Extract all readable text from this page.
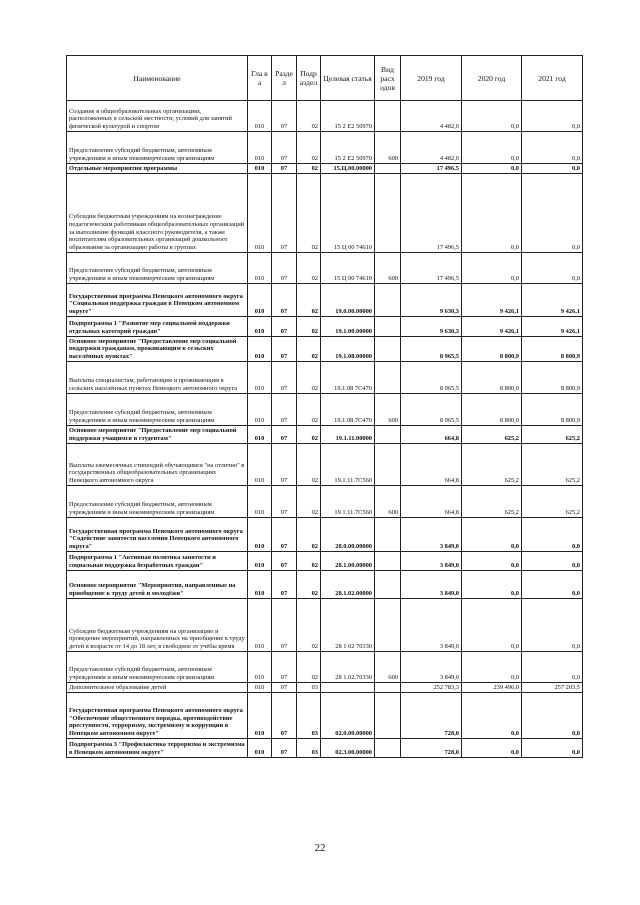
Наименование	Гла в а	Разде л	Подр аздел	Целевая статья	Вид расх одов	2019 год	2020 год	2021 год
Создание в общеобразовательных организациях, расположенных в сельской местности, условий для занятий физической культурой и спортом	010	07	02	15 2 E2 50970		4 482,0	0,0	0,0
Предоставление субсидий бюджетным, автономным учреждениям и иным некоммерческим организациям	010	07	02	15 2 E2 50970	600	4 482,0	0,0	0,0
Отдельные мероприятия программы	010	07	02	15.Ц.00.00000		17 496,5	0,0	0,0
Субсидии бюджетным учреждениям на вознаграждение педагогическим работникам общеобразовательных организаций за выполнение функций классного руководителя, а также воспитателям образовательных организаций дошкольного образования за организацию работы в группах	010	07	02	15 Ц 00 74610		17 496,5	0,0	0,0
Предоставление субсидий бюджетным, автономным учреждениям и иным некоммерческим организациям	010	07	02	15 Ц 00 74610	600	17 496,5	0,0	0,0
Государственная программа Ненецкого автономного округа "Социальная поддержка граждан в Ненецком автономном округе"	010	07	02	19.0.00.00000		9 630,3	9 426,1	9 426,1
Подпрограмма 1 "Развитие мер социальной поддержки отдельных категорий граждан"	010	07	02	19.1.00.00000		9 630,3	9 426,1	9 426,1
Основное мероприятие "Предоставление мер социальной поддержки гражданам, проживающим в сельских населённых пунктах"	010	07	02	19.1.08.00000		8 965,5	8 800,9	8 800,9
Выплаты специалистам, работающим и проживающим в сельских населённых пунктах Ненецкого автономного округа	010	07	02	19.1.08 7С470		8 965,5	8 800,9	8 800,9
Предоставление субсидий бюджетным, автономным учреждениям и иным некоммерческим организациям	010	07	02	19.1.08.7С470	600	8 965,5	8 800,9	8 800,9
Основное мероприятие "Предоставление мер социальной поддержки учащимся и студентам"	010	07	02	19.1.11.00000		664,8	625,2	625,2
Выплаты ежемесячных стипендий обучающимся "на отлично" в государственных общеобразовательных организациях Ненецкого автономного округа	010	07	02	19.1.11.7С560		664,8	625,2	625,2
Предоставление субсидий бюджетным, автономным учреждениям и иным некоммерческим организациям	010	07	02	19 1.11.7С560	600	664,8	625,2	625,2
Государственная программа Ненецкого автономного округа "Содействие занятости населения Ненецкого автономного округа"	010	07	02	28.0.00.00000		3 849,0	0,0	0,0
Подпрограмма 1 "Активная политика занятости и социальная поддержка безработных граждан"	010	07	02	28.1.00.00000		3 849,0	0,0	0,0
Основное мероприятие "Мероприятия, направленные на приобщение к труду детей и молодёжи"	010	07	02	28.1.02.00000		3 849,0	0,0	0,0
Субсидии бюджетным учреждениям на организацию и проведение мероприятий, направленных на приобщение к труду детей в возрасте от 14 до 18 лет, в свободное от учёбы время	010	07	02	28 1 02 70330		3 849,0	0,0	0,0
Предоставление субсидий бюджетным, автономным учреждениям и иным некоммерческим организациям	010	07	02	28 1.02.70330	600	3 849,0	0,0	0,0
Дополнительное образование детей	010	07	03			252 783,3	239 496,0	257 203,5
Государственная программа Ненецкого автономного округа "Обеспечение общественного порядка, противодействие преступности, терроризму, экстремизму и коррупции в Ненецком автономном округе"	010	07	03	02.0.00.00000		728,0	0,0	0,0
Подпрограмма 3 "Профилактика терроризма и экстремизма в Ненецком автономном округе"	010	07	03	02.3.00.00000		728,0	0,0	0,0
22
